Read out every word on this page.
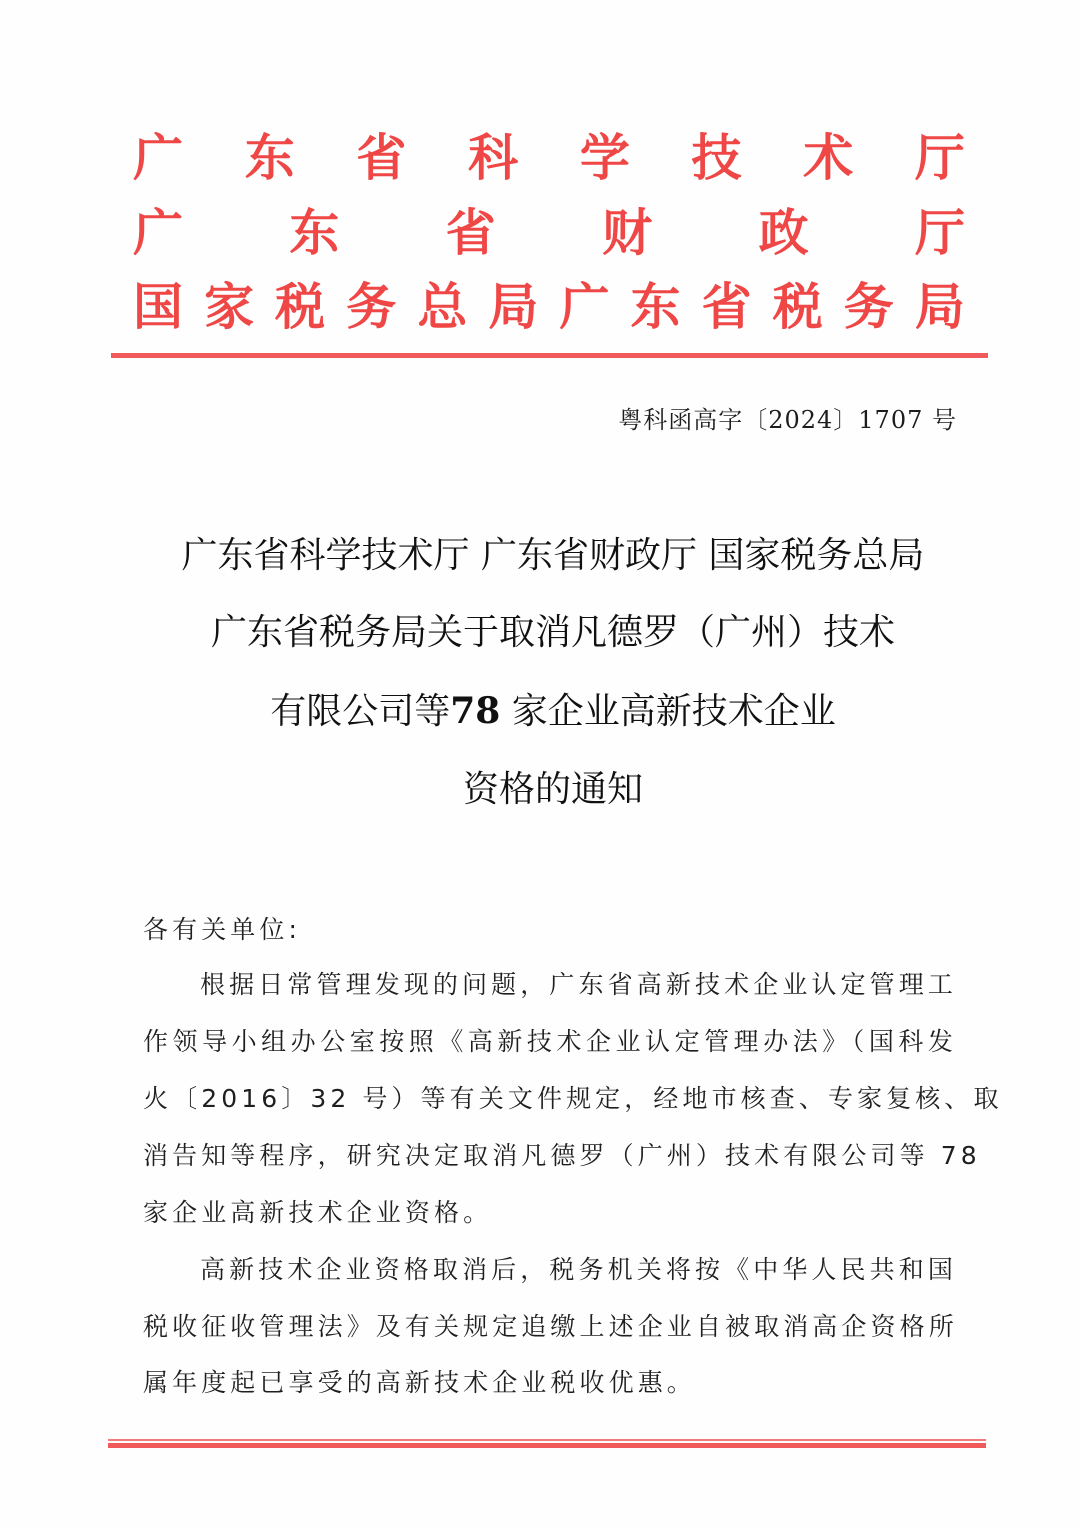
广 东 省 科 学 技 术 厅
广 东 省 财 政 厅
国 家 税 务 总 局 广 东 省 税 务 局
粤科函高字〔2024〕1707 号
广东省科学技术厅 广东省财政厅 国家税务总局
广东省税务局关于取消凡德罗（广州）技术
有限公司等78 家企业高新技术企业
资格的通知
各有关单位:
根据日常管理发现的问题，广东省高新技术企业认定管理工
作领导小组办公室按照《高新技术企业认定管理办法》（国科发
火〔2016〕32 号）等有关文件规定，经地市核查、专家复核、取
消告知等程序，研究决定取消凡德罗（广州）技术有限公司等 78
家企业高新技术企业资格。
高新技术企业资格取消后，税务机关将按《中华人民共和国
税收征收管理法》及有关规定追缴上述企业自被取消高企资格所
属年度起已享受的高新技术企业税收优惠。
